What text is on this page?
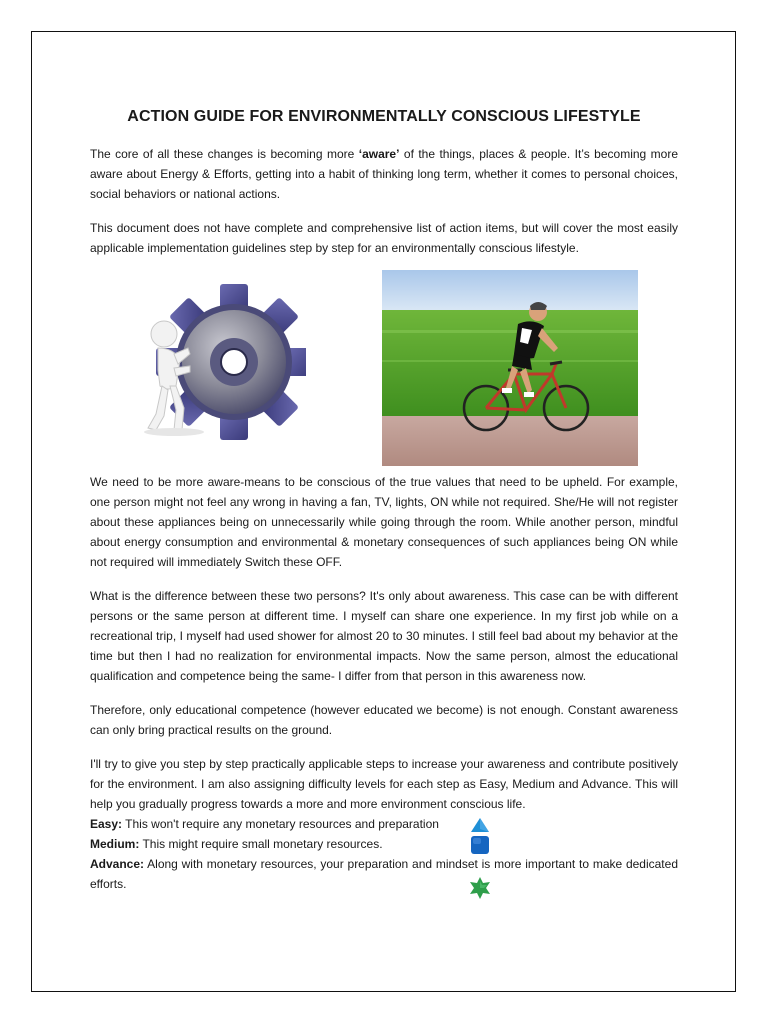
ACTION GUIDE FOR ENVIRONMENTALLY CONSCIOUS LIFESTYLE

The core of all these changes is becoming more ‘aware’ of the things, places & people. It’s becoming more aware about Energy & Efforts, getting into a habit of thinking long term, whether it comes to personal choices, social behaviors or national actions.

This document does not have complete and comprehensive list of action items, but will cover the most easily applicable implementation guidelines step by step for an environmentally conscious lifestyle.

We need to be more aware-means to be conscious of the true values that need to be upheld. For example, one person might not feel any wrong in having a fan, TV, lights, ON while not required. She/He will not register about these appliances being on unnecessarily while going through the room. While another person, mindful about energy consumption and environmental & monetary consequences of such appliances being ON while not required will immediately Switch these OFF.

What is the difference between these two persons? It's only about awareness. This case can be with different persons or the same person at different time. I myself can share one experience. In my first job while on a recreational trip, I myself had used shower for almost 20 to 30 minutes. I still feel bad about my behavior at the time but then I had no realization for environmental impacts. Now the same person, almost the educational qualification and competence being the same- I differ from that person in this awareness now.

Therefore, only educational competence (however educated we become) is not enough. Constant awareness can only bring practical results on the ground.

I'll try to give you step by step practically applicable steps to increase your awareness and contribute positively for the environment. I am also assigning difficulty levels for each step as Easy, Medium and Advance. This will help you gradually progress towards a more and more environment conscious life.

Easy: This won't require any monetary resources and preparation
Medium: This might require small monetary resources.
Advance: Along with monetary resources, your preparation and mindset is more important to make dedicated efforts.
